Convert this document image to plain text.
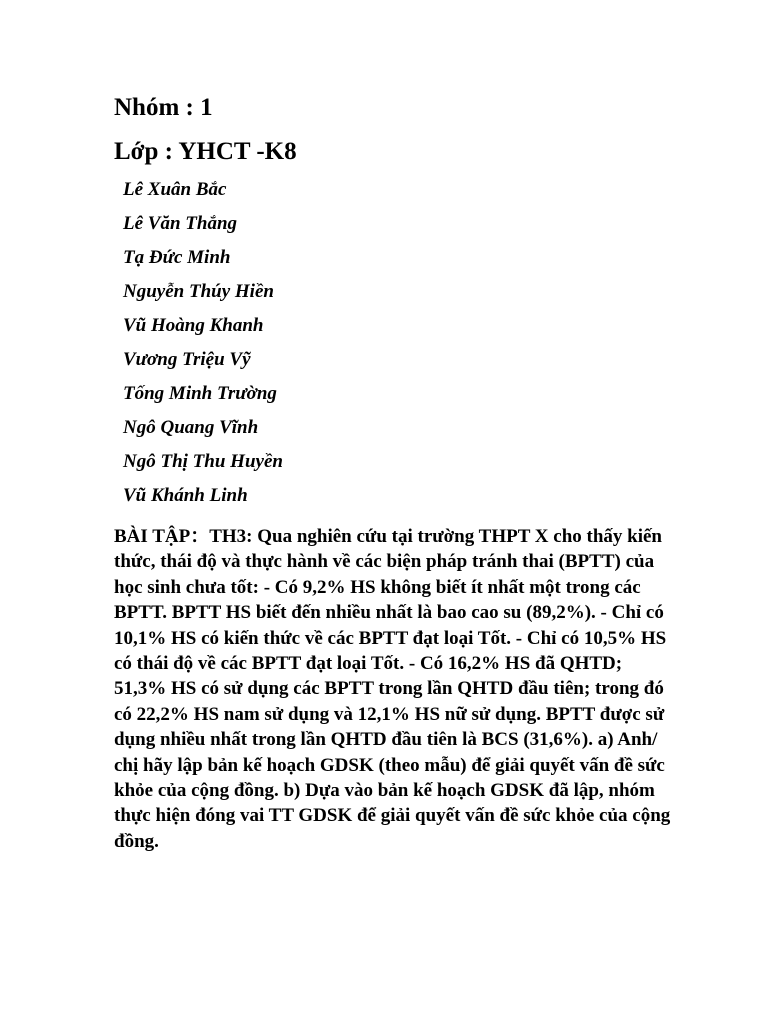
Nhóm : 1
Lớp : YHCT -K8
Lê Xuân Bắc
Lê Văn Thắng
Tạ Đức Minh
Nguyễn Thúy Hiền
Vũ Hoàng Khanh
Vương Triệu Vỹ
Tống Minh Trường
Ngô Quang Vĩnh
Ngô Thị Thu Huyền
Vũ Khánh Linh

BÀI TẬP：TH3: Qua nghiên cứu tại trường THPT X cho thấy kiến thức, thái độ và thực hành về các biện pháp tránh thai (BPTT) của học sinh chưa tốt: - Có 9,2% HS không biết ít nhất một trong các BPTT. BPTT HS biết đến nhiều nhất là bao cao su (89,2%). - Chỉ có 10,1% HS có kiến thức về các BPTT đạt loại Tốt. - Chỉ có 10,5% HS có thái độ về các BPTT đạt loại Tốt. - Có 16,2% HS đã QHTD; 51,3% HS có sử dụng các BPTT trong lần QHTD đầu tiên; trong đó có 22,2% HS nam sử dụng và 12,1% HS nữ sử dụng. BPTT được sử dụng nhiều nhất trong lần QHTD đầu tiên là BCS (31,6%). a) Anh/ chị hãy lập bản kế hoạch GDSK (theo mẫu) để giải quyết vấn đề sức khỏe của cộng đồng. b) Dựa vào bản kế hoạch GDSK đã lập, nhóm thực hiện đóng vai TT GDSK để giải quyết vấn đề sức khỏe của cộng đồng.
